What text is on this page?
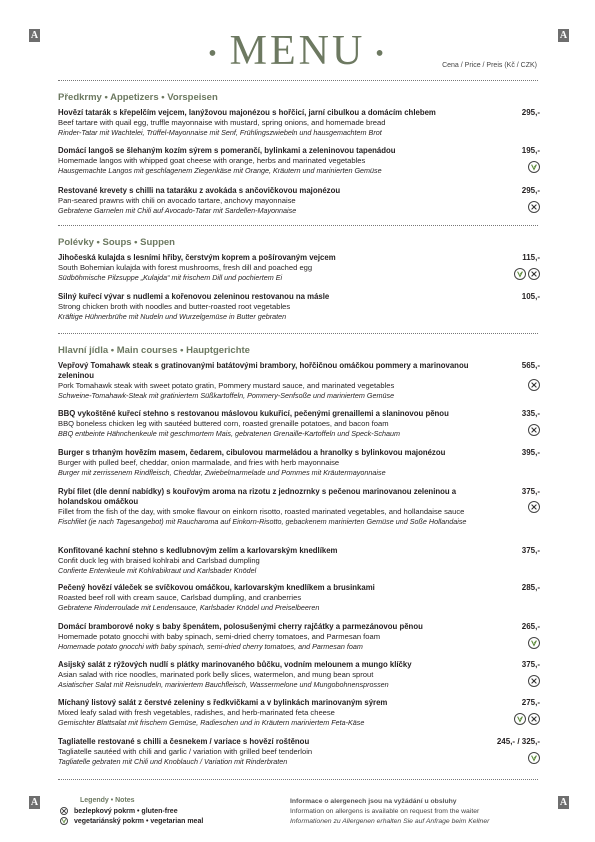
A	A
A	A
• MENU •	Cena / Price / Preis (Kč / CZK)
Předkrmy • Appetizers • Vorspeisen
Hovězí tatarák s křepelčím vejcem, lanýžovou majonézou s hořčicí, jarní cibulkou a domácím chlebem
Beef tartare with quail egg, truffle mayonnaise with mustard, spring onions, and homemade bread
Rinder-Tatar mit Wachtelei, Trüffel-Mayonnaise mit Senf, Frühlingszwiebeln und hausgemachtem Brot
295,-
Domácí langoš se šlehaným kozím sýrem s pomerančí, bylinkami a zeleninovou tapenádou
Homemade langos with whipped goat cheese with orange, herbs and marinated vegetables
Hausgemachte Langos mit geschlagenem Ziegenkäse mit Orange, Kräutern und marinierten Gemüse
195,-
Restované krevety s chilli na tataráku z avokáda s ančovičkovou majonézou
Pan-seared prawns with chili on avocado tartare, anchovy mayonnaise
Gebratene Garnelen mit Chili auf Avocado-Tatar mit Sardellen-Mayonnaise
295,-
Polévky • Soups • Suppen
Jihočeská kulajda s lesními hřiby, čerstvým koprem a pošírovaným vejcem
South Bohemian kulajda with forest mushrooms, fresh dill and poached egg
Südböhmische Pilzsuppe „Kulajda“ mit frischem Dill und pochiertem Ei
115,-
Silný kuřecí vývar s nudlemi a kořenovou zeleninou restovanou na másle
Strong chicken broth with noodles and butter-roasted root vegetables
Kräftige Hühnerbrühe mit Nudeln und Wurzelgemüse in Butter gebraten
105,-
Hlavní jídla • Main courses • Hauptgerichte
Vepřový Tomahawk steak s gratinovanými batátovými brambory, hořčičnou omáčkou pommery a marinovanou zeleninou
Pork Tomahawk steak with sweet potato gratin, Pommery mustard sauce, and marinated vegetables
Schweine-Tomahawk-Steak mit gratiniertem Süßkartoffeln, Pommery-Senfsoße und mariniertem Gemüse
565,-
BBQ vykoštěné kuřecí stehno s restovanou máslovou kukuřicí, pečenými grenaillemi a slaninovou pěnou
BBQ boneless chicken leg with sautéed buttered corn, roasted grenaille potatoes, and bacon foam
BBQ entbeinte Hähnchenkeule mit geschmortem Mais, gebratenen Grenaille-Kartoffeln und Speck-Schaum
335,-
Burger s trhaným hovězím masem, čedarem, cibulovou marmeládou a hranolky s bylinkovou majonézou
Burger with pulled beef, cheddar, onion marmalade, and fries with herb mayonnaise
Burger mit zerrissenem Rindfleisch, Cheddar, Zwiebelmarmelade und Pommes mit Kräutermayonnaise
395,-
Rybí filet (dle denní nabídky) s kouřovým aroma na rizotu z jednozrnky s pečenou marinovanou zeleninou a holandskou omáčkou
Fillet from the fish of the day, with smoke flavour on einkorn risotto, roasted marinated vegetables, and hollandaise sauce
Fischfilet (je nach Tagesangebot) mit Raucharoma auf Einkorn-Risotto, gebackenem marinierten Gemüse und Soße Hollandaise
375,-
Konfitované kachní stehno s kedlubnovým zelím a karlovarským knedlíkem
Confit duck leg with braised kohlrabi and Carlsbad dumpling
Confierte Entenkeule mit Kohlrabikraut und Karlsbader Knödel
375,-
Pečený hovězí váleček se svíčkovou omáčkou, karlovarským knedlíkem a brusinkami
Roasted beef roll with cream sauce, Carlsbad dumpling, and cranberries
Gebratene Rinderroulade mit Lendensauce, Karlsbader Knödel und Preiselbeeren
285,-
Domácí bramborové noky s baby špenátem, polosušenými cherry rajčátky a parmezánovou pěnou
Homemade potato gnocchi with baby spinach, semi-dried cherry tomatoes, and Parmesan foam
Homemade potato gnocchi with baby spinach, semi-dried cherry tomatoes, and Parmesan foam
265,-
Asijský salát z rýžových nudlí s plátky marinovaného bůčku, vodním melounem a mungo klíčky
Asian salad with rice noodles, marinated pork belly slices, watermelon, and mung bean sprout
Asiatischer Salat mit Reisnudeln, mariniertem Bauchfleisch, Wassermelone und Mungobohnensprossen
375,-
Míchaný listový salát z čerstvé zeleniny s ředkvičkami a v bylinkách marinovaným sýrem
Mixed leafy salad with fresh vegetables, radishes, and herb-marinated feta cheese
Gemischter Blattsalat mit frischem Gemüse, Radieschen und in Kräutern mariniertem Feta-Käse
275,-
Tagliatelle restované s chilli a česnekem / variace s hovězí roštěnou
Tagliatelle sautéed with chili and garlic / variation with grilled beef tenderloin
Tagliatelle gebraten mit Chili und Knoblauch / Variation mit Rinderbraten
245,- / 325,-
Legendy • Notes
bezlepkový pokrm • gluten-free
vegetariánský pokrm • vegetarian meal
Informace o alergenech jsou na vyžádání u obsluhy
Information on allergens is available on request from the waiter
Informationen zu Allergenen erhalten Sie auf Anfrage beim Kellner
